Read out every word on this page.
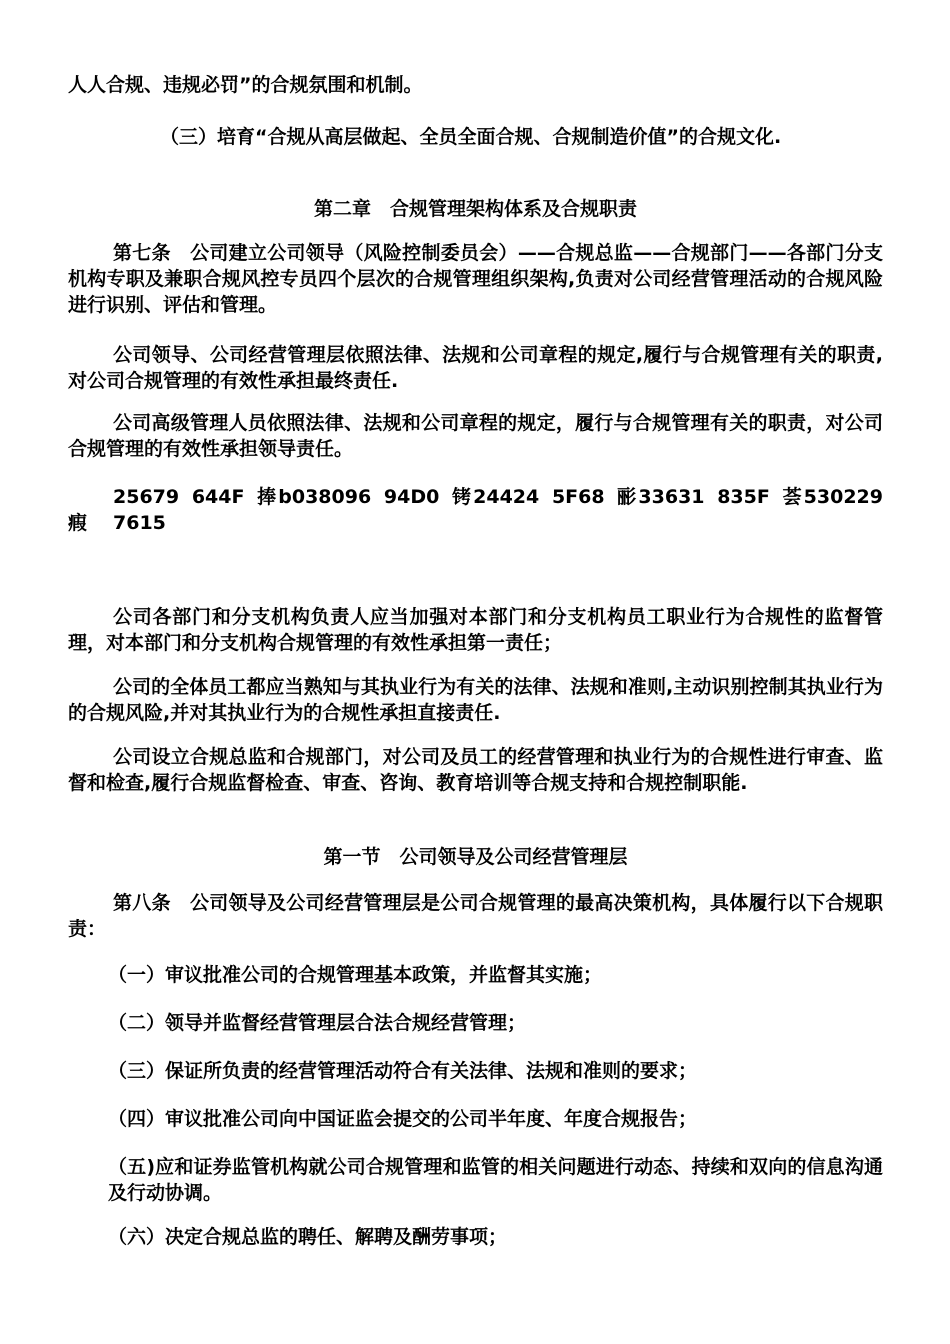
人人合规、违规必罚”的合规氛围和机制。

（三）培育“合规从高层做起、全员全面合规、合规制造价值”的合规文化.

第二章　合规管理架构体系及合规职责

第七条　公司建立公司领导（风险控制委员会）——合规总监——合规部门——各部门分支机构专职及兼职合规风控专员四个层次的合规管理组织架构,负责对公司经营管理活动的合规风险进行识别、评估和管理。

公司领导、公司经营管理层依照法律、法规和公司章程的规定,履行与合规管理有关的职责,对公司合规管理的有效性承担最终责任.

公司高级管理人员依照法律、法规和公司章程的规定，履行与合规管理有关的职责，对公司合规管理的有效性承担领导责任。

25679 644F 捧b038096 94D0 铐24424 5F68 彨33631 835F 荟530229 7615

瘕

公司各部门和分支机构负责人应当加强对本部门和分支机构员工职业行为合规性的监督管理，对本部门和分支机构合规管理的有效性承担第一责任；

公司的全体员工都应当熟知与其执业行为有关的法律、法规和准则,主动识别控制其执业行为的合规风险,并对其执业行为的合规性承担直接责任.

公司设立合规总监和合规部门，对公司及员工的经营管理和执业行为的合规性进行审查、监督和检查,履行合规监督检查、审查、咨询、教育培训等合规支持和合规控制职能.

第一节　公司领导及公司经营管理层

第八条　公司领导及公司经营管理层是公司合规管理的最高决策机构，具体履行以下合规职责：

（一）审议批准公司的合规管理基本政策，并监督其实施；

（二）领导并监督经营管理层合法合规经营管理；

（三）保证所负责的经营管理活动符合有关法律、法规和准则的要求；

（四）审议批准公司向中国证监会提交的公司半年度、年度合规报告；

（五)应和证券监管机构就公司合规管理和监管的相关问题进行动态、持续和双向的信息沟通及行动协调。

（六）决定合规总监的聘任、解聘及酬劳事项；
